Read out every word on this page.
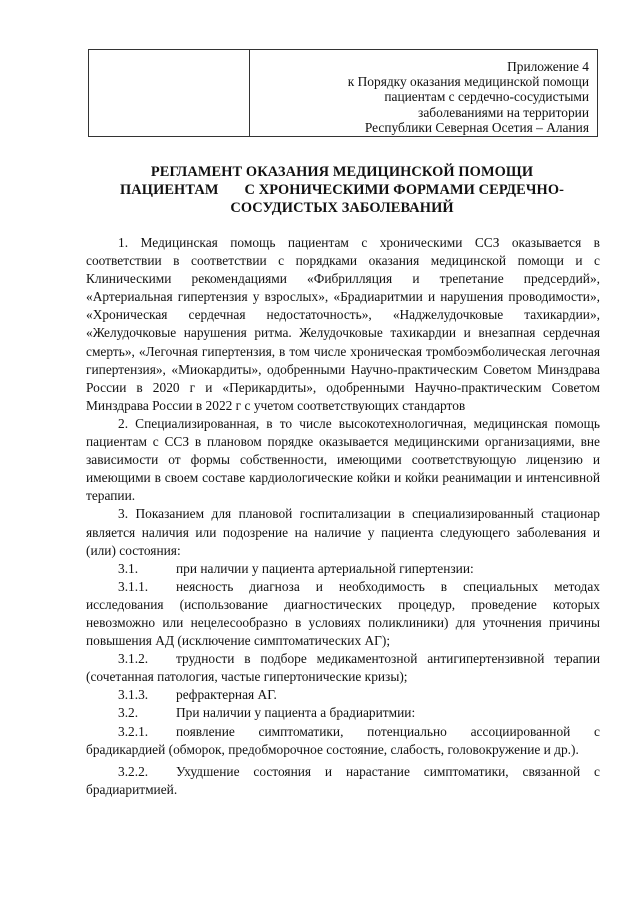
Приложение 4
к Порядку оказания медицинской помощи
пациентам с сердечно-сосудистыми
заболеваниями на территории
Республики Северная Осетия – Алания
РЕГЛАМЕНТ ОКАЗАНИЯ МЕДИЦИНСКОЙ ПОМОЩИ
ПАЦИЕНТАМ С ХРОНИЧЕСКИМИ ФОРМАМИ СЕРДЕЧНО-
СОСУДИСТЫХ ЗАБОЛЕВАНИЙ

1. Медицинская помощь пациентам с хроническими ССЗ оказывается в соответствии в соответствии с порядками оказания медицинской помощи и с Клиническими рекомендациями «Фибрилляция и трепетание предсердий», «Артериальная гипертензия у взрослых», «Брадиаритмии и нарушения проводимости», «Хроническая сердечная недостаточность», «Наджелудочковые тахикардии», «Желудочковые нарушения ритма. Желудочковые тахикардии и внезапная сердечная смерть», «Легочная гипертензия, в том числе хроническая тромбоэмболическая легочная гипертензия», «Миокардиты», одобренными Научно-практическим Советом Минздрава России в 2020 г и «Перикардиты», одобренными Научно-практическим Советом Минздрава России в 2022 г с учетом соответствующих стандартов

2. Специализированная, в то числе высокотехнологичная, медицинская помощь пациентам с ССЗ в плановом порядке оказывается медицинскими организациями, вне зависимости от формы собственности, имеющими соответствующую лицензию и имеющими в своем составе кардиологические койки и койки реанимации и интенсивной терапии.

3. Показанием для плановой госпитализации в специализированный стационар является наличия или подозрение на наличие у пациента следующего заболевания и (или) состояния:

3.1.	при наличии у пациента артериальной гипертензии:

3.1.1. неясность диагноза и необходимость в специальных методах исследования (использование диагностических процедур, проведение которых невозможно или нецелесообразно в условиях поликлиники) для уточнения причины повышения АД (исключение симптоматических АГ);

3.1.2. трудности в подборе медикаментозной антигипертензивной терапии (сочетанная патология, частые гипертонические кризы);

3.1.3. рефрактерная АГ.

3.2.	При наличии у пациента а брадиаритмии:

3.2.1. появление симптоматики, потенциально ассоциированной с брадикардией (обморок, предобморочное состояние, слабость, головокружение и др.).

3.2.2. Ухудшение состояния и нарастание симптоматики, связанной с брадиаритмией.
